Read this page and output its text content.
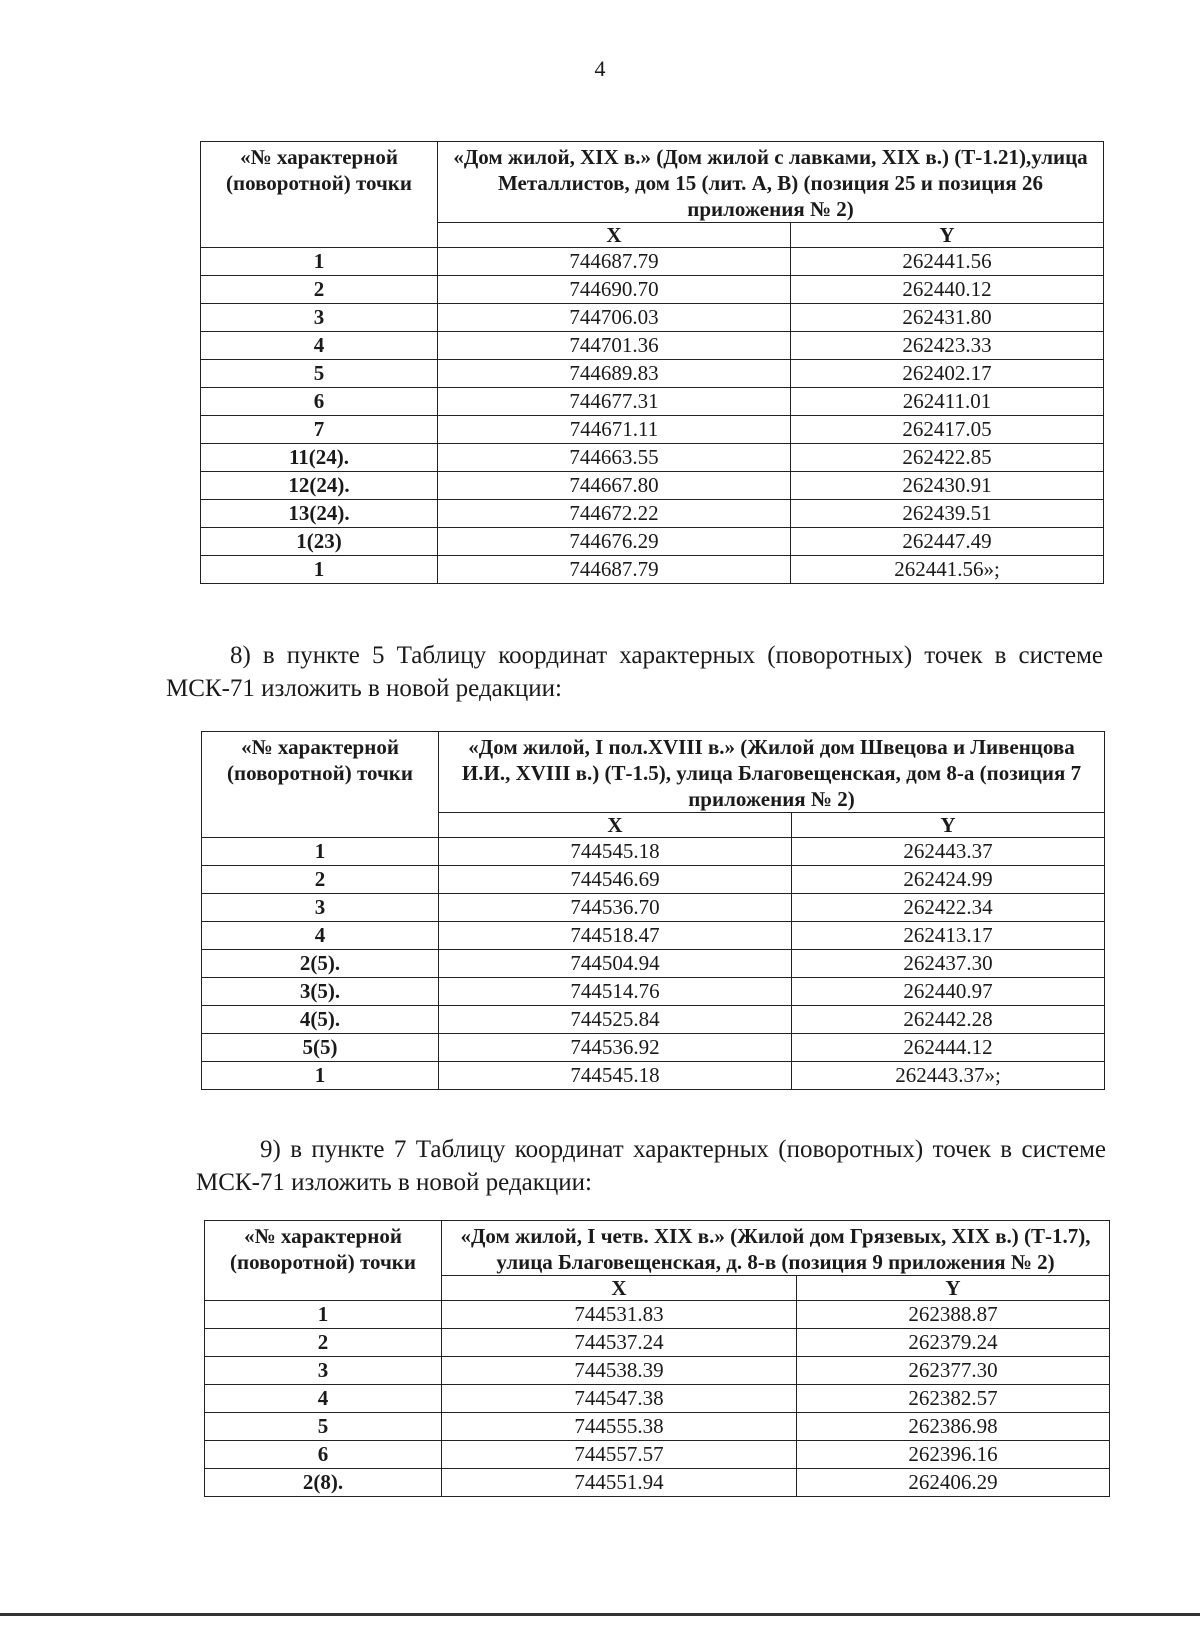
4
«№ характерной (поворотной) точки	«Дом жилой, XIX в.» (Дом жилой с лавками, XIX в.) (Т-1.21),улица Металлистов, дом 15 (лит. А, В) (позиция 25 и позиция 26 приложения № 2)	
	X	Y
1	744687.79	262441.56
2	744690.70	262440.12
3	744706.03	262431.80
4	744701.36	262423.33
5	744689.83	262402.17
6	744677.31	262411.01
7	744671.11	262417.05
11(24).	744663.55	262422.85
12(24).	744667.80	262430.91
13(24).	744672.22	262439.51
1(23)	744676.29	262447.49
1	744687.79	262441.56»;
8) в пункте 5 Таблицу координат характерных (поворотных) точек в системе МСК-71 изложить в новой редакции:
«№ характерной (поворотной) точки	«Дом жилой, I пол.XVIII в.» (Жилой дом Швецова и Ливенцова И.И., XVIII в.) (Т-1.5), улица Благовещенская, дом 8-а (позиция 7 приложения № 2)	
	X	Y
1	744545.18	262443.37
2	744546.69	262424.99
3	744536.70	262422.34
4	744518.47	262413.17
2(5).	744504.94	262437.30
3(5).	744514.76	262440.97
4(5).	744525.84	262442.28
5(5)	744536.92	262444.12
1	744545.18	262443.37»;
9) в пункте 7 Таблицу координат характерных (поворотных) точек в системе МСК-71 изложить в новой редакции:
«№ характерной (поворотной) точки	«Дом жилой, I четв. XIX в.» (Жилой дом Грязевых, XIX в.) (Т-1.7), улица Благовещенская, д. 8-в (позиция 9 приложения № 2)	
	X	Y
1	744531.83	262388.87
2	744537.24	262379.24
3	744538.39	262377.30
4	744547.38	262382.57
5	744555.38	262386.98
6	744557.57	262396.16
2(8).	744551.94	262406.29
